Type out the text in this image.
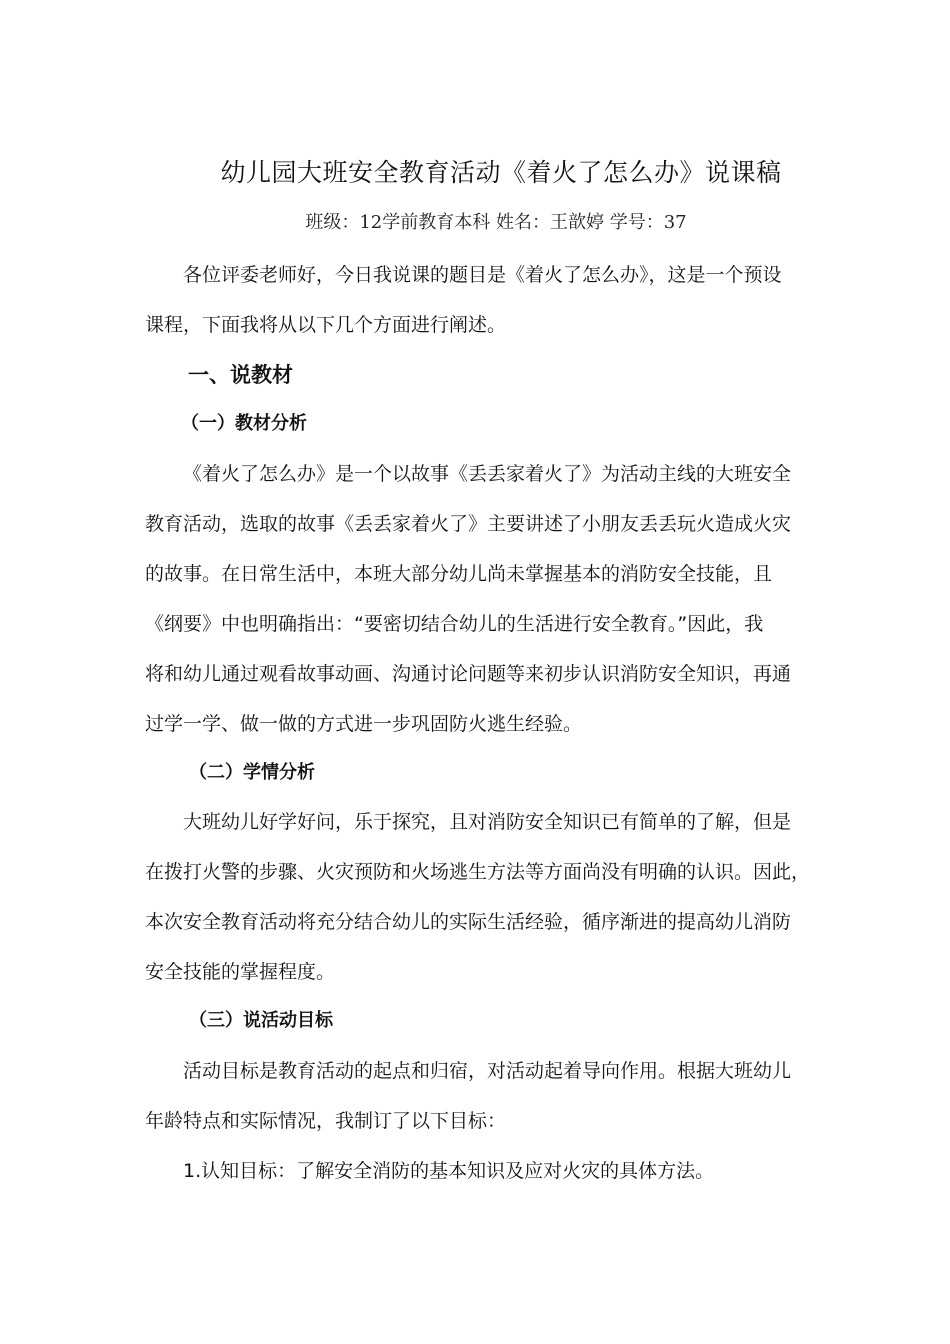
幼儿园大班安全教育活动《着火了怎么办》说课稿
班级：12学前教育本科 姓名：王歆婷 学号：37
各位评委老师好，今日我说课的题目是《着火了怎么办》，这是一个预设
课程，下面我将从以下几个方面进行阐述。
一、说教材
（一）教材分析
《着火了怎么办》是一个以故事《丢丢家着火了》为活动主线的大班安全
教育活动，选取的故事《丢丢家着火了》主要讲述了小朋友丢丢玩火造成火灾
的故事。在日常生活中，本班大部分幼儿尚未掌握基本的消防安全技能，且
《纲要》中也明确指出：“要密切结合幼儿的生活进行安全教育。”因此，我
将和幼儿通过观看故事动画、沟通讨论问题等来初步认识消防安全知识，再通
过学一学、做一做的方式进一步巩固防火逃生经验。
（二）学情分析
大班幼儿好学好问，乐于探究，且对消防安全知识已有简单的了解，但是
在拨打火警的步骤、火灾预防和火场逃生方法等方面尚没有明确的认识。因此，
本次安全教育活动将充分结合幼儿的实际生活经验，循序渐进的提高幼儿消防
安全技能的掌握程度。
（三）说活动目标
活动目标是教育活动的起点和归宿，对活动起着导向作用。根据大班幼儿
年龄特点和实际情况，我制订了以下目标：
1.认知目标：了解安全消防的基本知识及应对火灾的具体方法。
